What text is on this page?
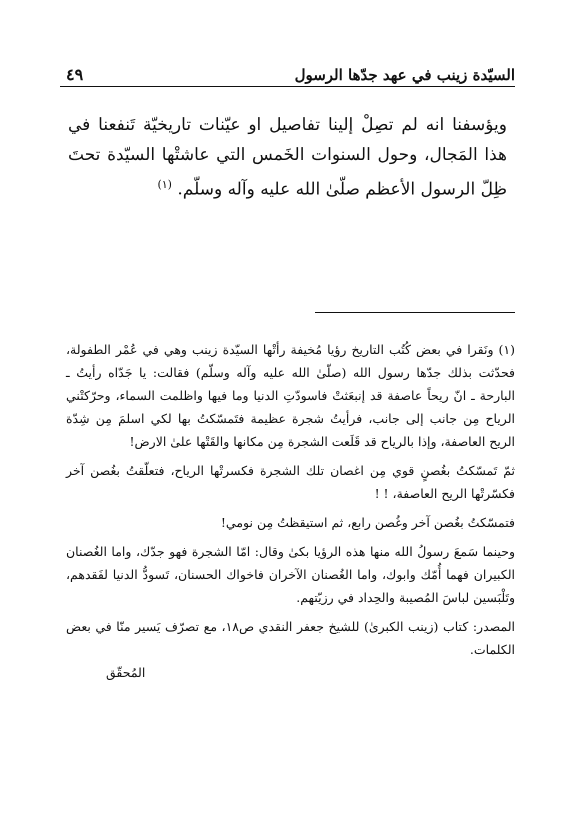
السيّدة زينب في عهد جدّها الرسول
٤٩

ويؤسفنا انه لم تصِلْ إلينا تفاصيل او عيّنات تاريخيّة تَنفعنا في هذا المَجال، وحول السنوات الخَمس التي عاشتْها السيّدة تحتَ ظِلّ الرسول الأعظم صلّىٰ الله عليه وآله وسلّم. $^{(١)}$

(١) ونَقرا في بعض كُتُب التاريخ رؤيا مُخيفة رأتْها السيّدة زينب وهي في عُمْر الطفولة، فحدّثت بذلك جدّها رسول الله (صلّىٰ الله عليه وآله وسلّم) فقالت: يا جَدّاه رأيتُ ـ البارحة ـ انّ ريحاً عاصفة قد إنبعَثتْ فاسودّتِ الدنيا وما فيها واظلمت السماء، وحرّكتْني الرياح مِن جانب إلى جانب، فرأيتُ شجرة عظيمة فتَمسّكتُ بها لكي اسلمَ مِن شِدّة الريح العاصفة، وإذا بالرياح قد قَلَعت الشجرة مِن مكانها والقَتْها علىٰ الارض!

ثمّ تَمسّكتُ بغُصنٍ قوي مِن اغصان تلك الشجرة فكسرتْها الرياح، فتعلّقتُ بغُصن آخر فكسّرتْها الريح العاصفة، ! !

فتمسّكتُ بغُصن آخر وغُصن رابع، ثم استيقظتُ مِن نومي!

وحينما سَمعَ رسولُ الله منها هذه الرؤيا بكىٰ وقال: امّا الشجرة فهو جدّك، واما الغُصنان الكبيران فهما أُمّك وابوك، واما الغُصنان الآخران فاخواك الحسنان، تَسودُّ الدنيا لفَقدهم، وتَلْبَسين لباسَ المُصيبة والحِداد في رزيّتهم.

المصدر: كتاب (زينب الكبرىٰ) للشيخ جعفر النقدي ص١٨، مع تصرّف يَسير منّا في بعض الكلمات.

المُحقّق
